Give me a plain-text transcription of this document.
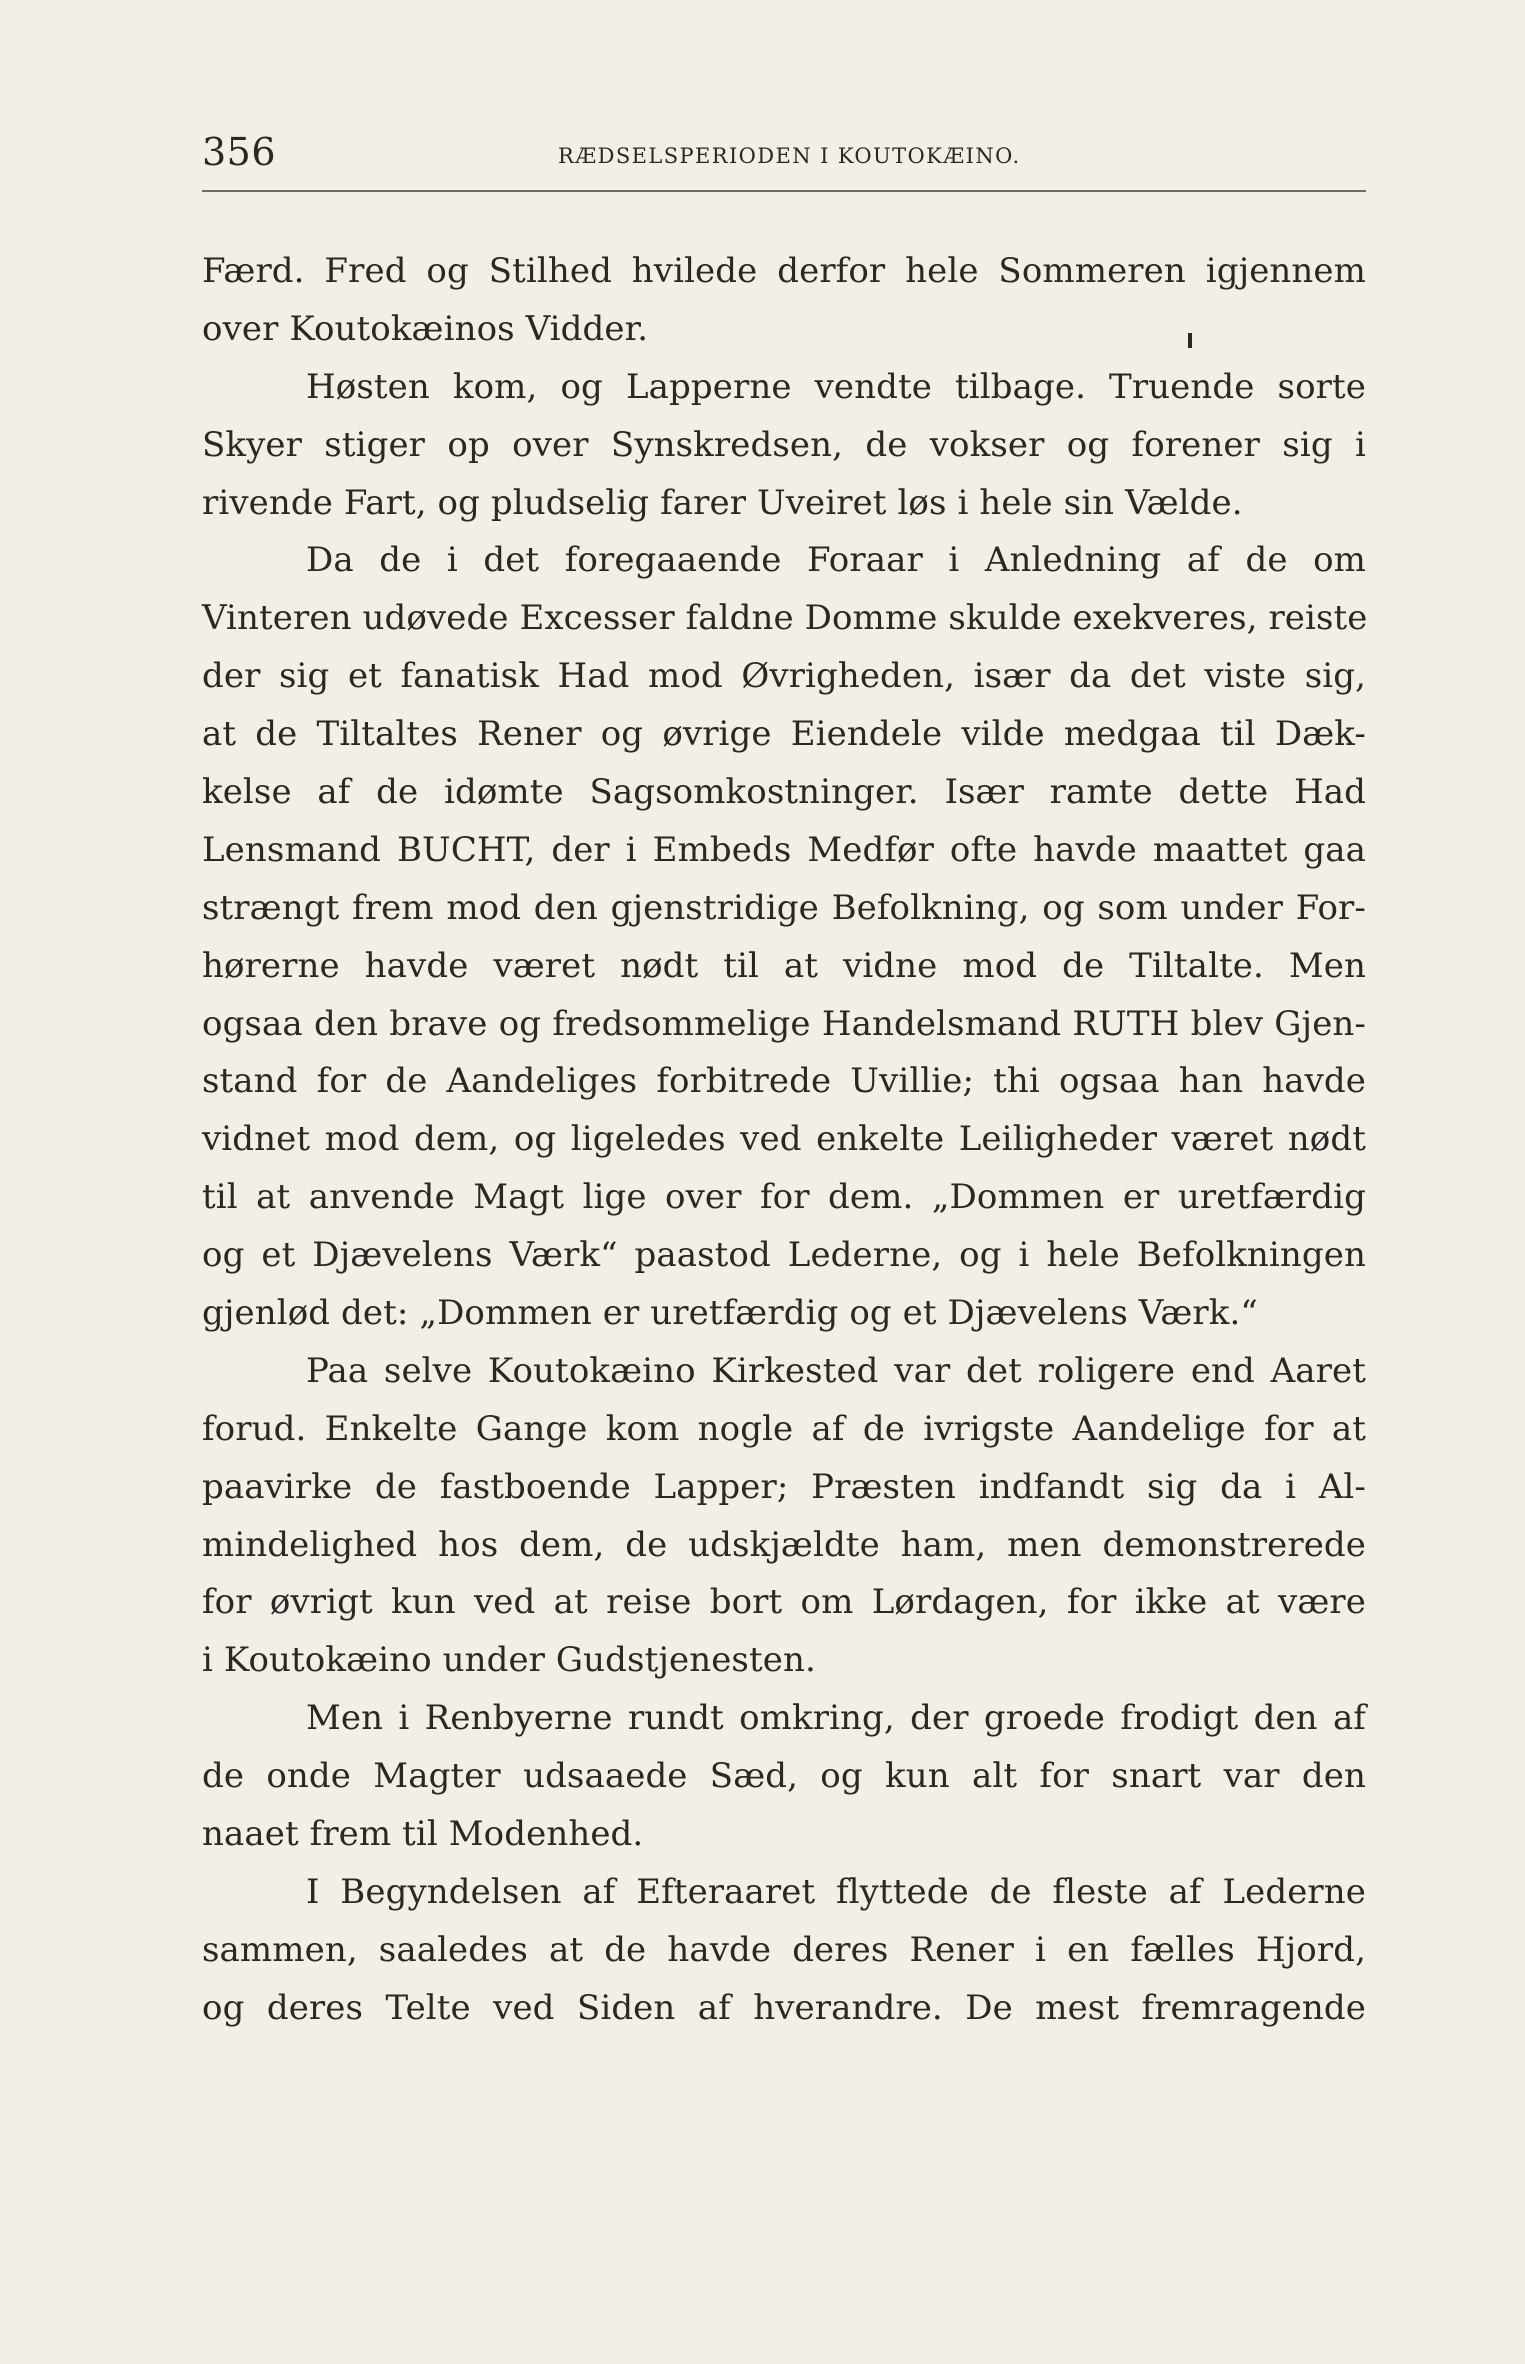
356	RÆDSELSPERIODEN I KOUTOKÆINO.
Færd. Fred og Stilhed hvilede derfor hele Sommeren igjennem
over Koutokæinos Vidder.
Høsten kom, og Lapperne vendte tilbage. Truende sorte
Skyer stiger op over Synskredsen, de vokser og forener sig i
rivende Fart, og pludselig farer Uveiret løs i hele sin Vælde.
Da de i det foregaaende Foraar i Anledning af de om
Vinteren udøvede Excesser faldne Domme skulde exekveres, reiste
der sig et fanatisk Had mod Øvrigheden, især da det viste sig,
at de Tiltaltes Rener og øvrige Eiendele vilde medgaa til Dæk-
kelse af de idømte Sagsomkostninger. Især ramte dette Had
Lensmand BUCHT, der i Embeds Medfør ofte havde maattet gaa
strængt frem mod den gjenstridige Befolkning, og som under For-
hørerne havde været nødt til at vidne mod de Tiltalte. Men
ogsaa den brave og fredsommelige Handelsmand RUTH blev Gjen-
stand for de Aandeliges forbitrede Uvillie; thi ogsaa han havde
vidnet mod dem, og ligeledes ved enkelte Leiligheder været nødt
til at anvende Magt lige over for dem. „Dommen er uretfærdig
og et Djævelens Værk“ paastod Lederne, og i hele Befolkningen
gjenlød det: „Dommen er uretfærdig og et Djævelens Værk.“
Paa selve Koutokæino Kirkested var det roligere end Aaret
forud. Enkelte Gange kom nogle af de ivrigste Aandelige for at
paavirke de fastboende Lapper; Præsten indfandt sig da i Al-
mindelighed hos dem, de udskjældte ham, men demonstrerede
for øvrigt kun ved at reise bort om Lørdagen, for ikke at være
i Koutokæino under Gudstjenesten.
Men i Renbyerne rundt omkring, der groede frodigt den af
de onde Magter udsaaede Sæd, og kun alt for snart var den
naaet frem til Modenhed.
I Begyndelsen af Efteraaret flyttede de fleste af Lederne
sammen, saaledes at de havde deres Rener i en fælles Hjord,
og deres Telte ved Siden af hverandre. De mest fremragende
